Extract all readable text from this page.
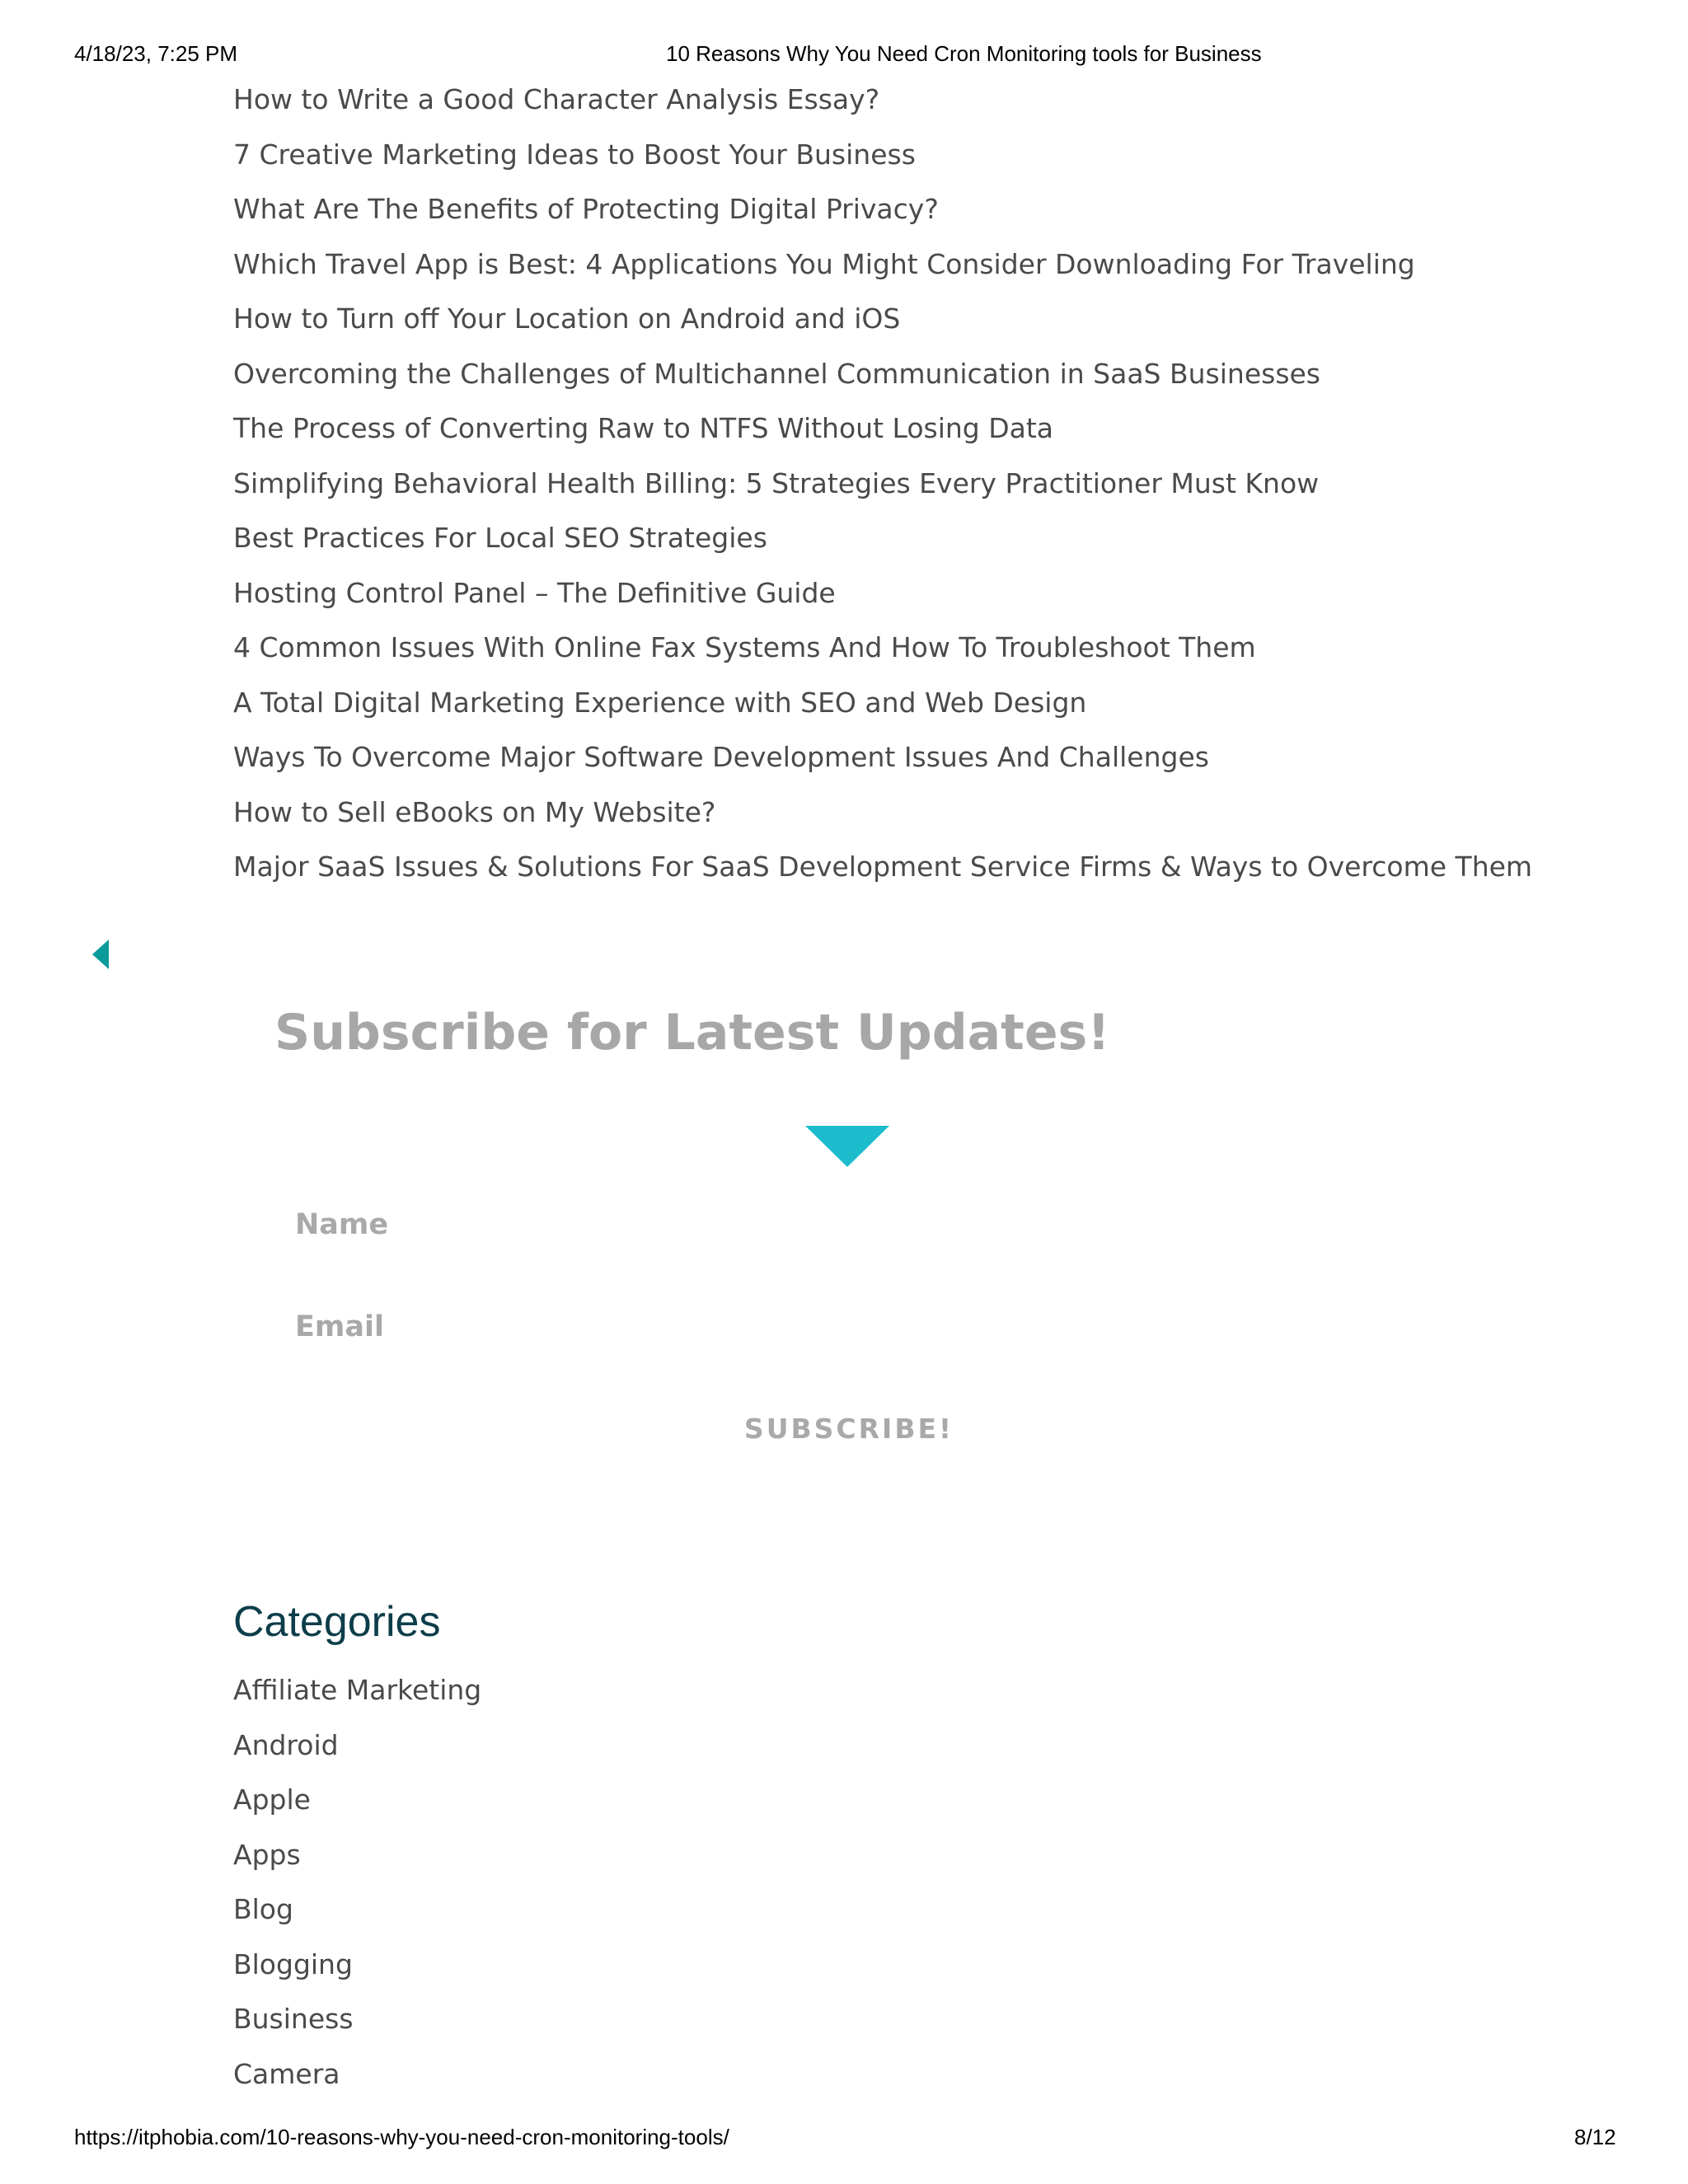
4/18/23, 7:25 PM	10 Reasons Why You Need Cron Monitoring tools for Business
How to Write a Good Character Analysis Essay?
7 Creative Marketing Ideas to Boost Your Business
What Are The Benefits of Protecting Digital Privacy?
Which Travel App is Best: 4 Applications You Might Consider Downloading For Traveling
How to Turn off Your Location on Android and iOS
Overcoming the Challenges of Multichannel Communication in SaaS Businesses
The Process of Converting Raw to NTFS Without Losing Data
Simplifying Behavioral Health Billing: 5 Strategies Every Practitioner Must Know
Best Practices For Local SEO Strategies
Hosting Control Panel – The Definitive Guide
4 Common Issues With Online Fax Systems And How To Troubleshoot Them
A Total Digital Marketing Experience with SEO and Web Design
Ways To Overcome Major Software Development Issues And Challenges
How to Sell eBooks on My Website?
Major SaaS Issues & Solutions For SaaS Development Service Firms & Ways to Overcome Them
Subscribe for Latest Updates!
Name
Email
SUBSCRIBE!
Categories
Affiliate Marketing
Android
Apple
Apps
Blog
Blogging
Business
Camera
https://itphobia.com/10-reasons-why-you-need-cron-monitoring-tools/	8/12
